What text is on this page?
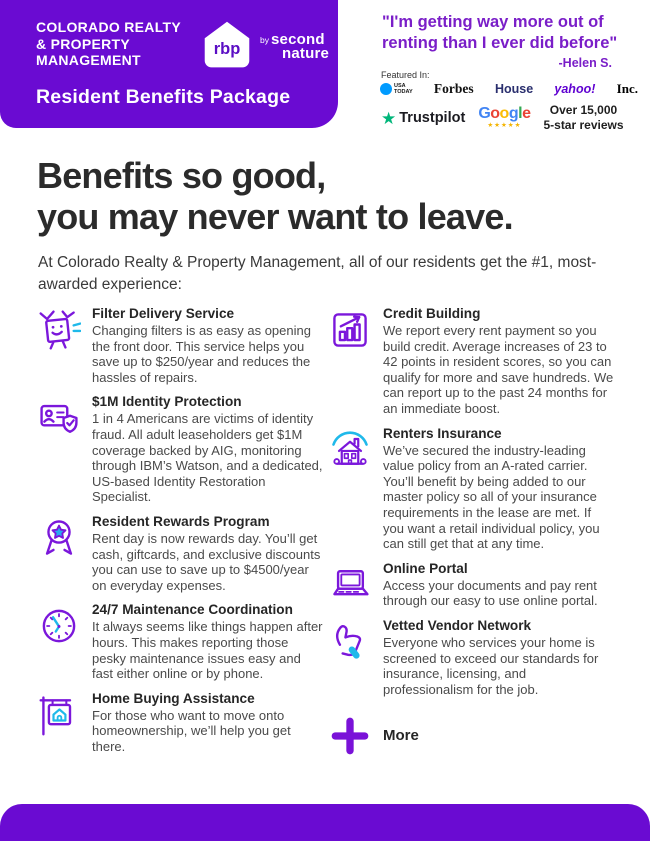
COLORADO REALTY
& PROPERTY
MANAGEMENT
rbp by second
nature
Resident Benefits Package
"I'm getting way more out of
renting than I ever did before"
-Helen S.
Featured In:
USA
TODAY Forbes House yahoo! Inc.
★ Trustpilot Google
★★★★★
Over 15,000
5-star reviews
Benefits so good,
you may never want to leave.
At Colorado Realty & Property Management, all of our residents get the #1, most-awarded experience:
Filter Delivery Service
Changing filters is as easy as opening the front door. This service helps you save up to $250/year and reduces the hassles of repairs.
$1M Identity Protection
1 in 4 Americans are victims of identity fraud. All adult leaseholders get $1M coverage backed by AIG, monitoring through IBM’s Watson, and a dedicated, US-based Identity Restoration Specialist.
Resident Rewards Program
Rent day is now rewards day. You’ll get cash, giftcards, and exclusive discounts you can use to save up to $4500/year on everyday expenses.
24/7 Maintenance Coordination
It always seems like things happen after hours. This makes reporting those pesky maintenance issues easy and fast either online or by phone.
Home Buying Assistance
For those who want to move onto homeownership, we’ll help you get there.
Credit Building
We report every rent payment so you build credit. Average increases of 23 to 42 points in resident scores, so you can qualify for more and save hundreds. We can report up to the past 24 months for an immediate boost.
Renters Insurance
We’ve secured the industry-leading value policy from an A-rated carrier. You’ll benefit by being added to our master policy so all of your insurance requirements in the lease are met. If you want a retail individual policy, you can still get that at any time.
Online Portal
Access your documents and pay rent through our easy to use online portal.
Vetted Vendor Network
Everyone who services your home is screened to exceed our standards for insurance, licensing, and professionalism for the job.
More
